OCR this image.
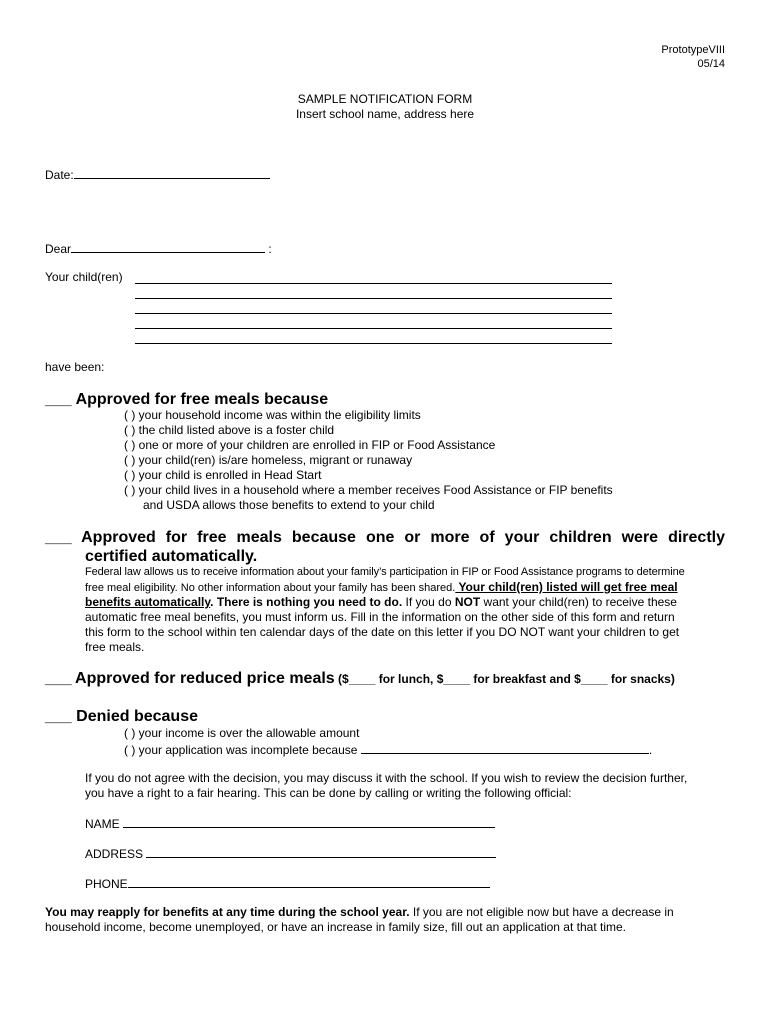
PrototypeVIII
05/14
SAMPLE NOTIFICATION FORM
Insert school name, address here
Date:
Dear	:
Your child(ren)
have been:
___ Approved for free meals because
( ) your household income was within the eligibility limits
( ) the child listed above is a foster child
( ) one or more of your children are enrolled in FIP or Food Assistance
( ) your child(ren) is/are homeless, migrant or runaway
( ) your child is enrolled in Head Start
( ) your child lives in a household where a member receives Food Assistance or FIP benefits
and USDA allows those benefits to extend to your child
___ Approved for free meals because one or more of your children were directly
certified automatically.
Federal law allows us to receive information about your family’s participation in FIP or Food Assistance programs to determine
free meal eligibility. No other information about your family has been shared. Your child(ren) listed will get free meal
benefits automatically. There is nothing you need to do. If you do NOT want your child(ren) to receive these
automatic free meal benefits, you must inform us. Fill in the information on the other side of this form and return
this form to the school within ten calendar days of the date on this letter if you DO NOT want your children to get
free meals.
___ Approved for reduced price meals ($____ for lunch, $____ for breakfast and $____ for snacks)
___ Denied because
( ) your income is over the allowable amount
( ) your application was incomplete because	.
If you do not agree with the decision, you may discuss it with the school. If you wish to review the decision further,
you have a right to a fair hearing. This can be done by calling or writing the following official:
NAME
ADDRESS
PHONE
You may reapply for benefits at any time during the school year. If you are not eligible now but have a decrease in
household income, become unemployed, or have an increase in family size, fill out an application at that time.
